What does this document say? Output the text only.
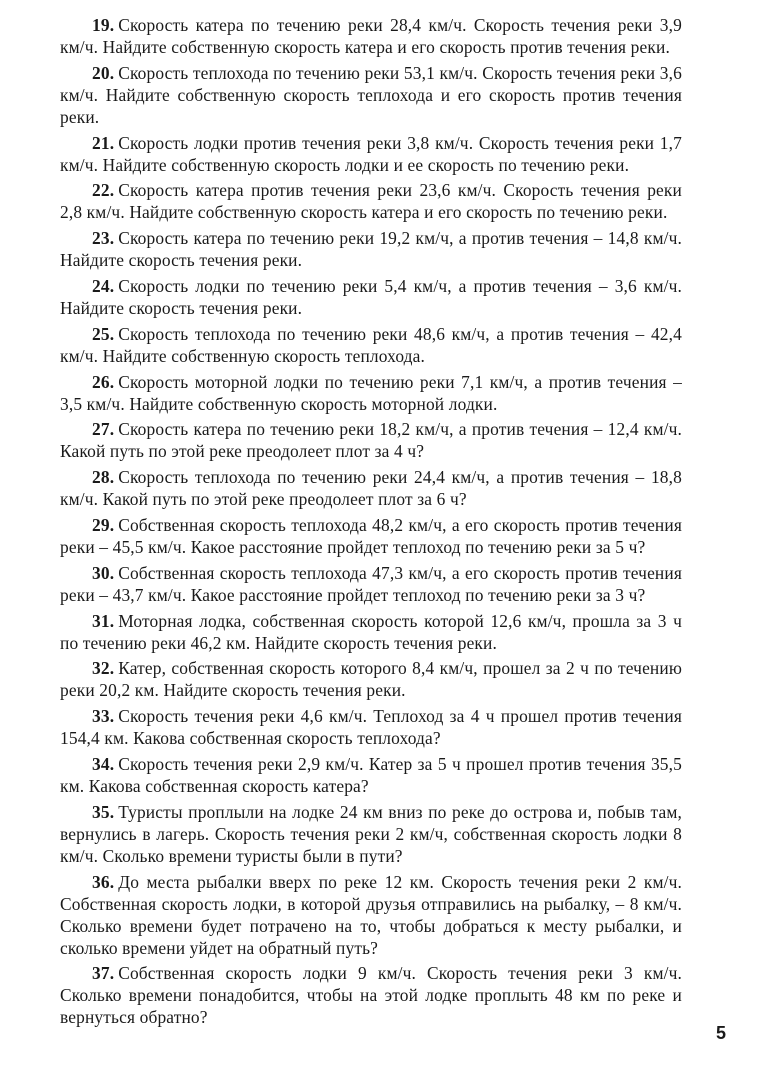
19. Скорость катера по течению реки 28,4 км/ч. Скорость течения реки 3,9 км/ч. Найдите собственную скорость катера и его скорость против течения реки.

20. Скорость теплохода по течению реки 53,1 км/ч. Скорость течения реки 3,6 км/ч. Найдите собственную скорость теплохода и его скорость против течения реки.

21. Скорость лодки против течения реки 3,8 км/ч. Скорость течения реки 1,7 км/ч. Найдите собственную скорость лодки и ее скорость по течению реки.

22. Скорость катера против течения реки 23,6 км/ч. Скорость течения реки 2,8 км/ч. Найдите собственную скорость катера и его скорость по течению реки.

23. Скорость катера по течению реки 19,2 км/ч, а против течения – 14,8 км/ч. Найдите скорость течения реки.

24. Скорость лодки по течению реки 5,4 км/ч, а против течения – 3,6 км/ч. Найдите скорость течения реки.

25. Скорость теплохода по течению реки 48,6 км/ч, а против течения – 42,4 км/ч. Найдите собственную скорость теплохода.

26. Скорость моторной лодки по течению реки 7,1 км/ч, а против течения – 3,5 км/ч. Найдите собственную скорость моторной лодки.

27. Скорость катера по течению реки 18,2 км/ч, а против течения – 12,4 км/ч. Какой путь по этой реке преодолеет плот за 4 ч?

28. Скорость теплохода по течению реки 24,4 км/ч, а против течения – 18,8 км/ч. Какой путь по этой реке преодолеет плот за 6 ч?

29. Собственная скорость теплохода 48,2 км/ч, а его скорость против течения реки – 45,5 км/ч. Какое расстояние пройдет теплоход по течению реки за 5 ч?

30. Собственная скорость теплохода 47,3 км/ч, а его скорость против течения реки – 43,7 км/ч. Какое расстояние пройдет теплоход по течению реки за 3 ч?

31. Моторная лодка, собственная скорость которой 12,6 км/ч, прошла за 3 ч по течению реки 46,2 км. Найдите скорость течения реки.

32. Катер, собственная скорость которого 8,4 км/ч, прошел за 2 ч по течению реки 20,2 км. Найдите скорость течения реки.

33. Скорость течения реки 4,6 км/ч. Теплоход за 4 ч прошел против течения 154,4 км. Какова собственная скорость теплохода?

34. Скорость течения реки 2,9 км/ч. Катер за 5 ч прошел против течения 35,5 км. Какова собственная скорость катера?

35. Туристы проплыли на лодке 24 км вниз по реке до острова и, побыв там, вернулись в лагерь. Скорость течения реки 2 км/ч, собственная скорость лодки 8 км/ч. Сколько времени туристы были в пути?

36. До места рыбалки вверх по реке 12 км. Скорость течения реки 2 км/ч. Собственная скорость лодки, в которой друзья отправились на рыбалку, – 8 км/ч. Сколько времени будет потрачено на то, чтобы добраться к месту рыбалки, и сколько времени уйдет на обратный путь?

37. Собственная скорость лодки 9 км/ч. Скорость течения реки 3 км/ч. Сколько времени понадобится, чтобы на этой лодке проплыть 48 км по реке и вернуться обратно?

5
